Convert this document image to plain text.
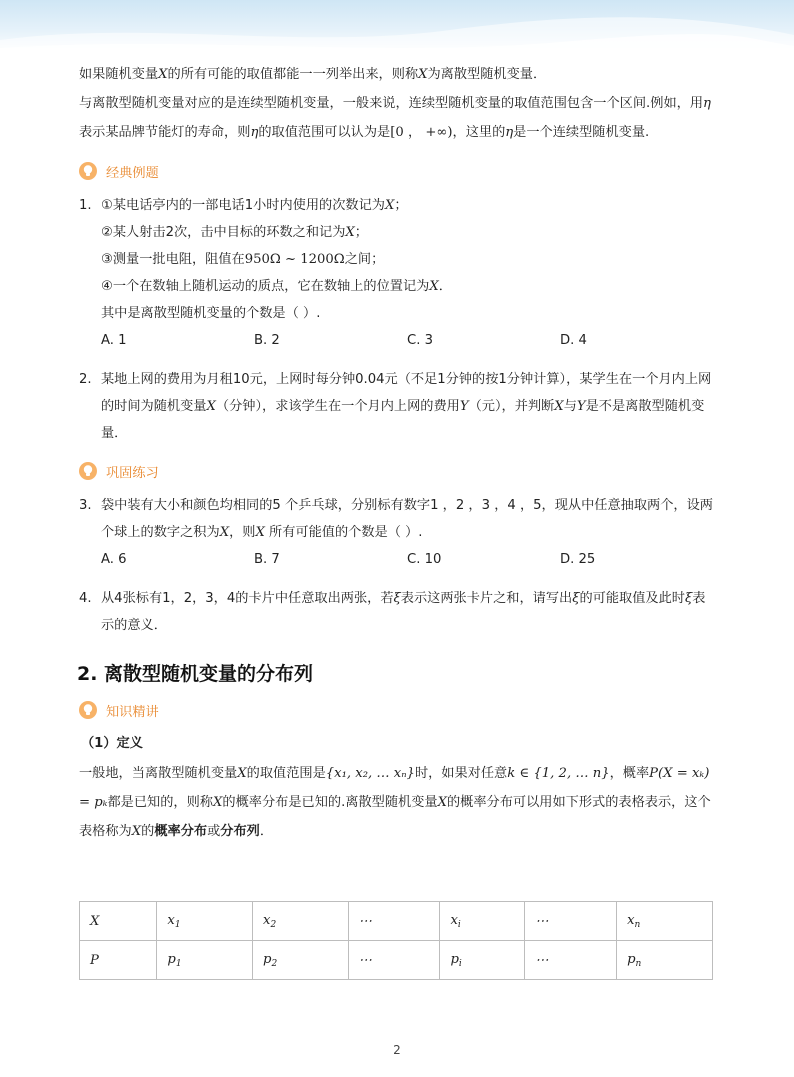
如果随机变量X的所有可能的取值都能一一列举出来，则称X为离散型随机变量．

与离散型随机变量对应的是连续型随机变量，一般来说，连续型随机变量的取值范围包含一个区间.例如，用η表示某品牌节能灯的寿命，则η的取值范围可以认为是[0 ， +∞)，这里的η是一个连续型随机变量.

经典例题
1. ①某电话亭内的一部电话1小时内使用的次数记为X；
②某人射击2次，击中目标的环数之和记为X；
③测量一批电阻，阻值在950Ω ~ 1200Ω之间；
④一个在数轴上随机运动的质点，它在数轴上的位置记为X．
其中是离散型随机变量的个数是（ ）.
A. 1	B. 2	C. 3	D. 4
2. 某地上网的费用为月租10元，上网时每分钟0.04元（不足1分钟的按1分钟计算），某学生在一个月内上网的时间为随机变量X（分钟），求该学生在一个月内上网的费用Y（元），并判断X与Y是不是离散型随机变量．
巩固练习
3. 袋中装有大小和颜色均相同的5 个乒乓球，分别标有数字1 ，2 ，3 ，4 ，5，现从中任意抽取两个，设两个球上的数字之积为X，则X 所有可能值的个数是（ ）.
A. 6	B. 7	C. 10	D. 25
4. 从4张标有1，2，3，4的卡片中任意取出两张，若ξ表示这两张卡片之和，请写出ξ的可能取值及此时ξ表示的意义．
2. 离散型随机变量的分布列
知识精讲
（1）定义

一般地，当离散型随机变量X的取值范围是{x₁, x₂, … xₙ}时，如果对任意k ∈ {1, 2, … n}，概率P(X = xₖ) = pₖ都是已知的，则称X的概率分布是已知的.离散型随机变量X的概率分布可以用如下形式的表格表示，这个表格称为X的概率分布或分布列．

X	$x_1$	$x_2$	⋯	$x_i$	⋯	$x_n$
P	$p_1$	$p_2$	⋯	$p_i$	⋯	$p_n$
2
